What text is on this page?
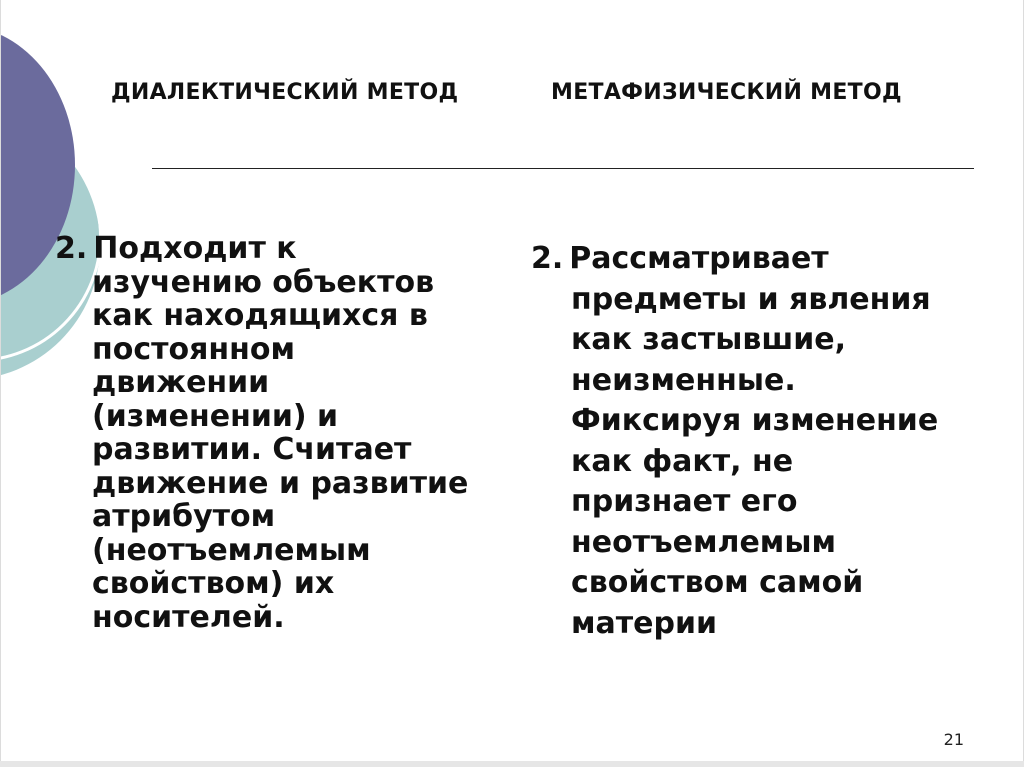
ДИАЛЕКТИЧЕСКИЙ МЕТОД	МЕТАФИЗИЧЕСКИЙ МЕТОД
2. Подходит к
изучению объектов
как находящихся в
постоянном
движении
(изменении) и
развитии. Считает
движение и развитие
атрибутом
(неотъемлемым
свойством) их
носителей.
2. Рассматривает
предметы и явления
как застывшие,
неизменные.
Фиксируя изменение
как факт, не
признает его
неотъемлемым
свойством самой
материи
21
